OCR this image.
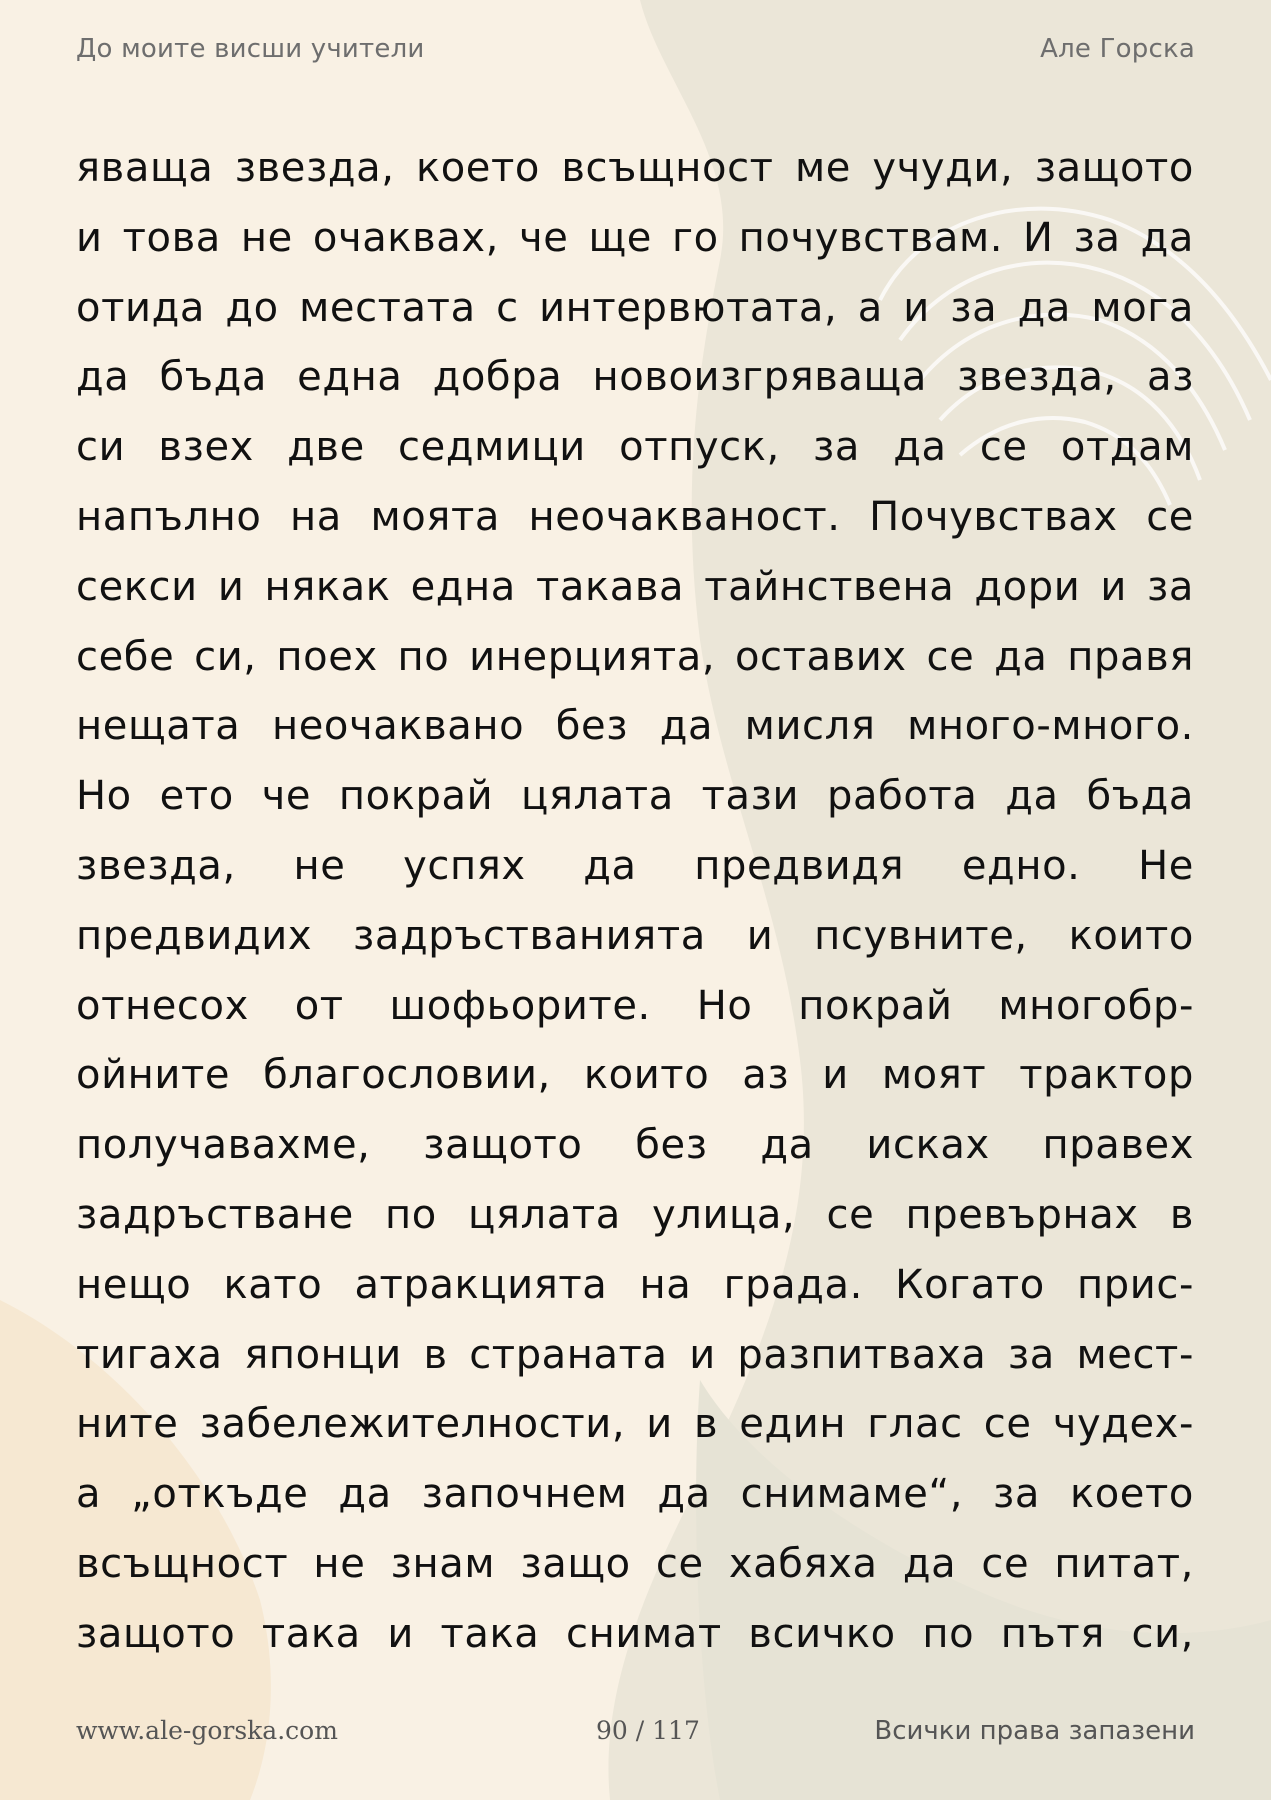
До моите висши учители	Але Горска
яваща звезда, което всъщност ме учуди, защото
и това не очаквах, че ще го почувствам. И за да
отида до местата с интервютата, а и за да мога
да бъда една добра новоизгряваща звезда, аз
си взех две седмици отпуск, за да се отдам
напълно на моята неочакваност. Почувствах се
секси и някак една такава тайнствена дори и за
себе си, поех по инерцията, оставих се да правя
нещата неочаквано без да мисля много-много.
Но ето че покрай цялата тази работа да бъда
звезда, не успях да предвидя едно. Не
предвидих задръстванията и псувните, които
отнесох от шофьорите. Но покрай многобр-
ойните благословии, които аз и моят трактор
получавахме, защото без да исках правех
задръстване по цялата улица, се превърнах в
нещо като атракцията на града. Когато прис-
тигаха японци в страната и разпитваха за мест-
ните забележителности, и в един глас се чудех-
а „откъде да започнем да снимаме“, за което
всъщност не знам защо се хабяха да се питат,
защото така и така снимат всичко по пътя си,
www.ale-gorska.com	90 / 117	Всички права запазени
